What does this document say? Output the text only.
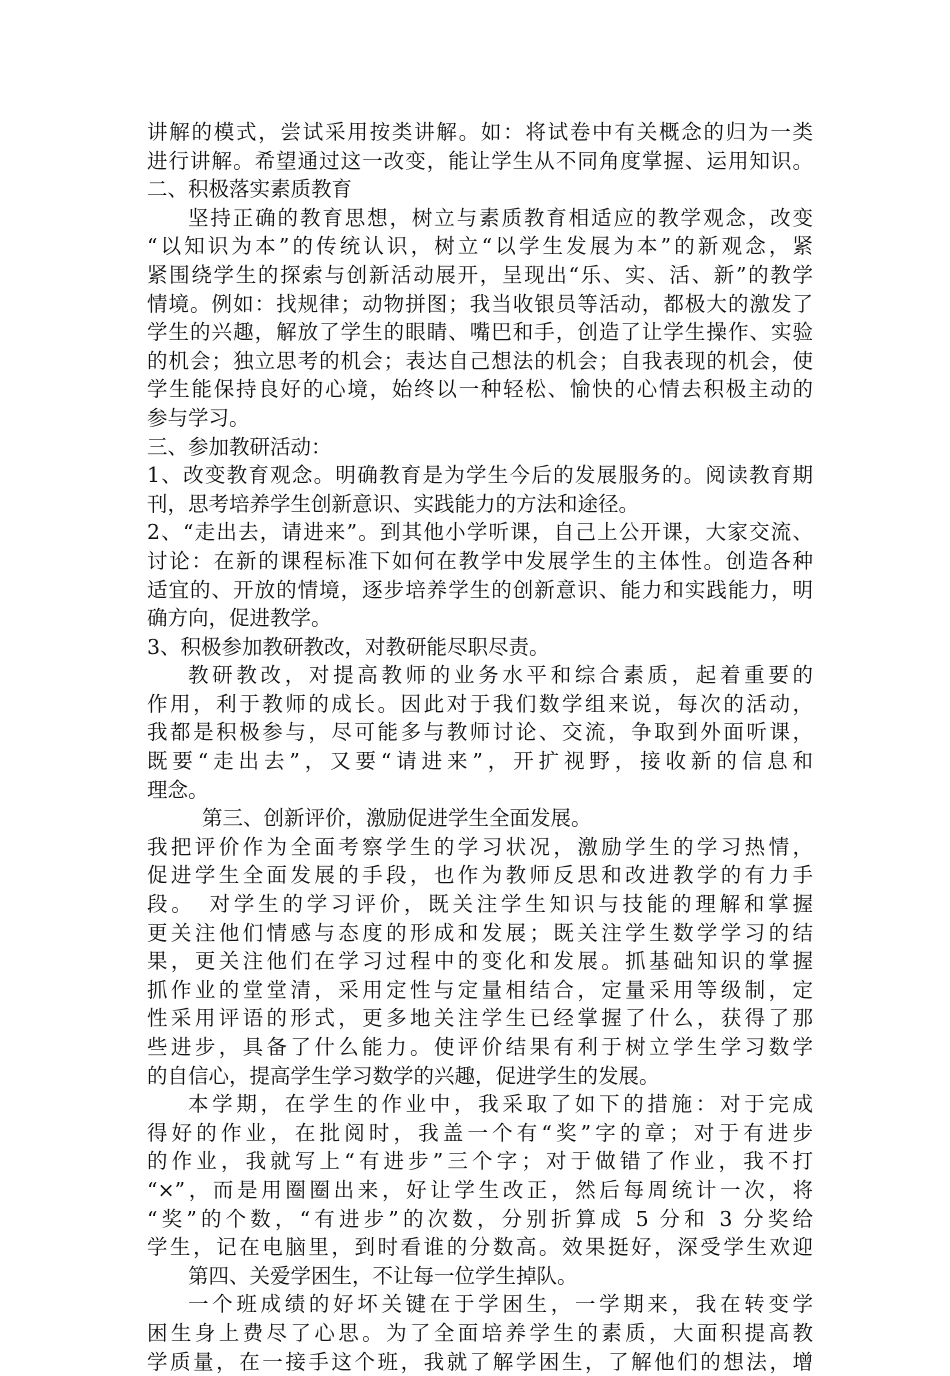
讲解的模式，尝试采用按类讲解。如：将试卷中有关概念的归为一类
进行讲解。希望通过这一改变，能让学生从不同角度掌握、运用知识。
二、积极落实素质教育
坚持正确的教育思想，树立与素质教育相适应的教学观念，改变
“以知识为本”的传统认识，树立“以学生发展为本”的新观念，紧
紧围绕学生的探索与创新活动展开，呈现出“乐、实、活、新”的教学
情境。例如：找规律；动物拼图；我当收银员等活动，都极大的激发了
学生的兴趣，解放了学生的眼睛、嘴巴和手，创造了让学生操作、实验
的机会；独立思考的机会；表达自己想法的机会；自我表现的机会，使
学生能保持良好的心境，始终以一种轻松、愉快的心情去积极主动的
参与学习。
三、参加教研活动：
1、改变教育观念。明确教育是为学生今后的发展服务的。阅读教育期
刊，思考培养学生创新意识、实践能力的方法和途径。
2、“走出去，请进来”。到其他小学听课，自己上公开课，大家交流、
讨论：在新的课程标准下如何在教学中发展学生的主体性。创造各种
适宜的、开放的情境，逐步培养学生的创新意识、能力和实践能力，明
确方向，促进教学。
3、积极参加教研教改，对教研能尽职尽责。
教研教改，对提高教师的业务水平和综合素质，起着重要的
作用，利于教师的成长。因此对于我们数学组来说，每次的活动，
我都是积极参与，尽可能多与教师讨论、交流，争取到外面听课，
既要“走出去”，又要“请进来”，开扩视野，接收新的信息和
理念。
第三、创新评价，激励促进学生全面发展。
我把评价作为全面考察学生的学习状况，激励学生的学习热情，
促进学生全面发展的手段，也作为教师反思和改进教学的有力手
段。　对学生的学习评价，既关注学生知识与技能的理解和掌握
更关注他们情感与态度的形成和发展；既关注学生数学学习的结
果，更关注他们在学习过程中的变化和发展。抓基础知识的掌握
抓作业的堂堂清，采用定性与定量相结合，定量采用等级制，定
性采用评语的形式，更多地关注学生已经掌握了什么，获得了那
些进步，具备了什么能力。使评价结果有利于树立学生学习数学
的自信心，提高学生学习数学的兴趣，促进学生的发展。
本学期，在学生的作业中，我采取了如下的措施：对于完成
得好的作业，在批阅时，我盖一个有“奖”字的章；对于有进步
的作业，我就写上“有进步”三个字；对于做错了作业，我不打
“×”，而是用圈圈出来，好让学生改正，然后每周统计一次，将
“奖”的个数，“有进步”的次数，分别折算成 5 分和 3 分奖给
学生，记在电脑里，到时看谁的分数高。效果挺好，深受学生欢迎
第四、关爱学困生，不让每一位学生掉队。
一个班成绩的好坏关键在于学困生，一学期来，我在转变学
困生身上费尽了心思。为了全面培养学生的素质，大面积提高教
学质量，在一接手这个班，我就了解学困生，了解他们的想法，增
